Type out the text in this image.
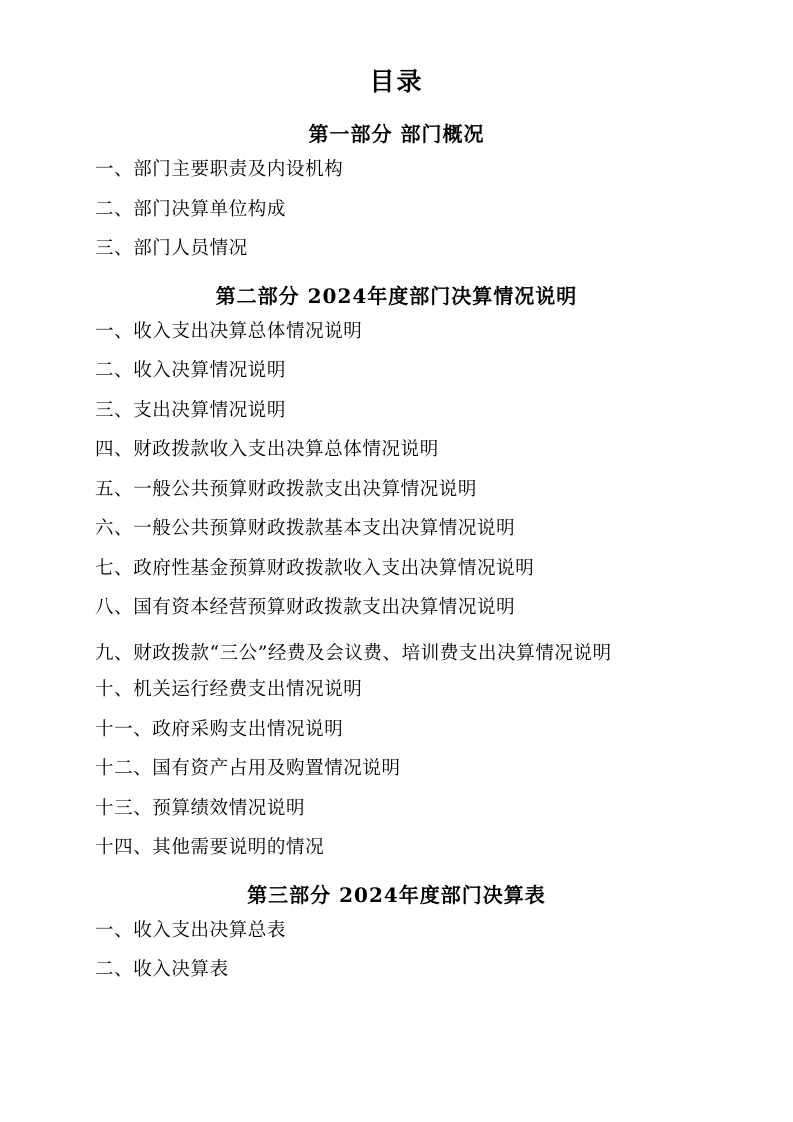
目录
第一部分 部门概况
一、部门主要职责及内设机构
二、部门决算单位构成
三、部门人员情况
第二部分 2024年度部门决算情况说明
一、收入支出决算总体情况说明
二、收入决算情况说明
三、支出决算情况说明
四、财政拨款收入支出决算总体情况说明
五、一般公共预算财政拨款支出决算情况说明
六、一般公共预算财政拨款基本支出决算情况说明
七、政府性基金预算财政拨款收入支出决算情况说明
八、国有资本经营预算财政拨款支出决算情况说明
九、财政拨款“三公”经费及会议费、培训费支出决算情况说明
十、机关运行经费支出情况说明
十一、政府采购支出情况说明
十二、国有资产占用及购置情况说明
十三、预算绩效情况说明
十四、其他需要说明的情况
第三部分 2024年度部门决算表
一、收入支出决算总表
二、收入决算表
